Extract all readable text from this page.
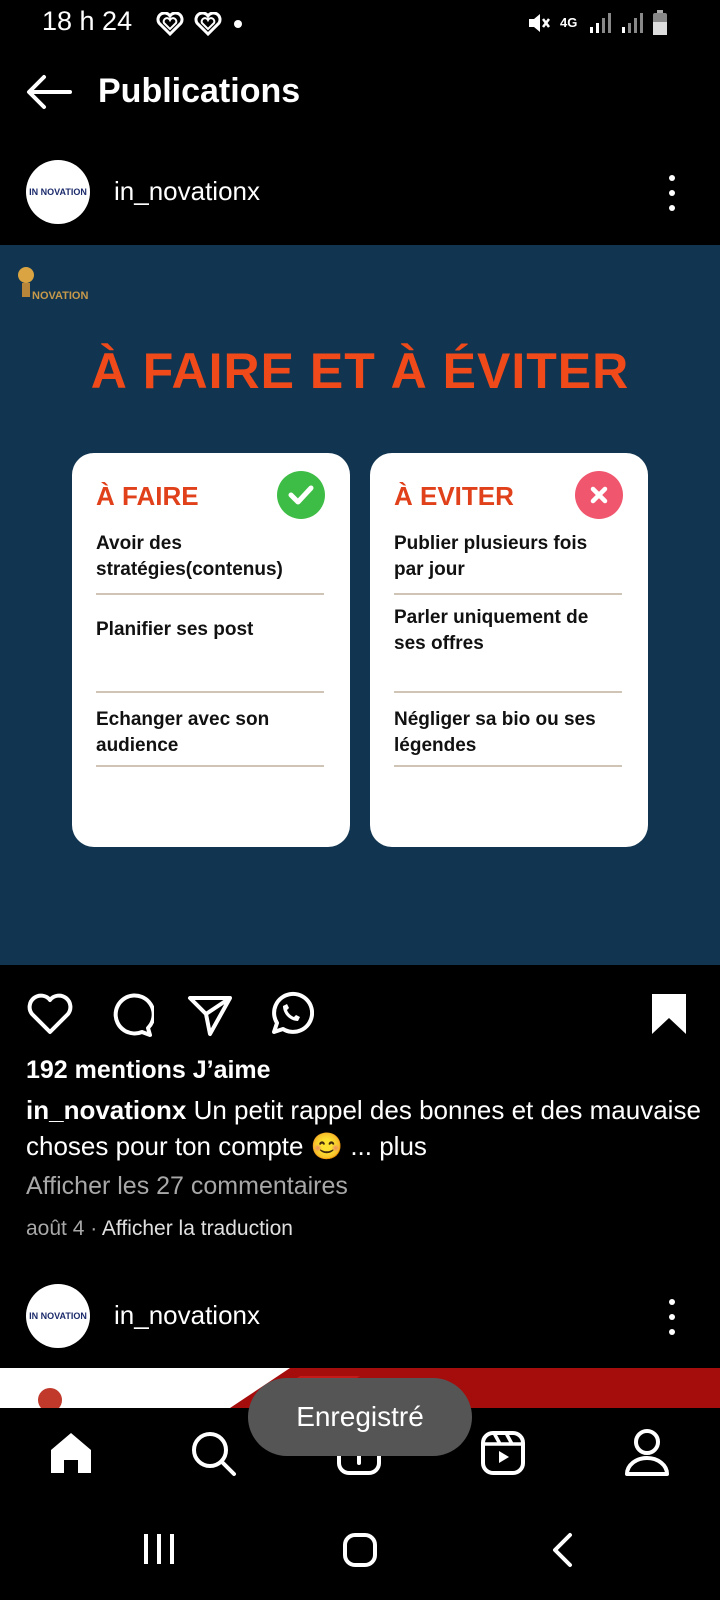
18 h 24	4G
Publications
IN NOVATION in_novationx
NOVATION
À FAIRE ET À ÉVITER
À FAIRE
Avoir des stratégies(contenus)
Planifier ses post
Echanger avec son audience
À EVITER
Publier plusieurs fois par jour
Parler uniquement de ses offres
Négliger sa bio ou ses légendes
192 mentions J’aime
in_novationx Un petit rappel des bonnes et des mauvaise choses pour ton compte 😊 ... plus
Afficher les 27 commentaires
août 4 · Afficher la traduction
IN NOVATION in_novationx
Enregistré
